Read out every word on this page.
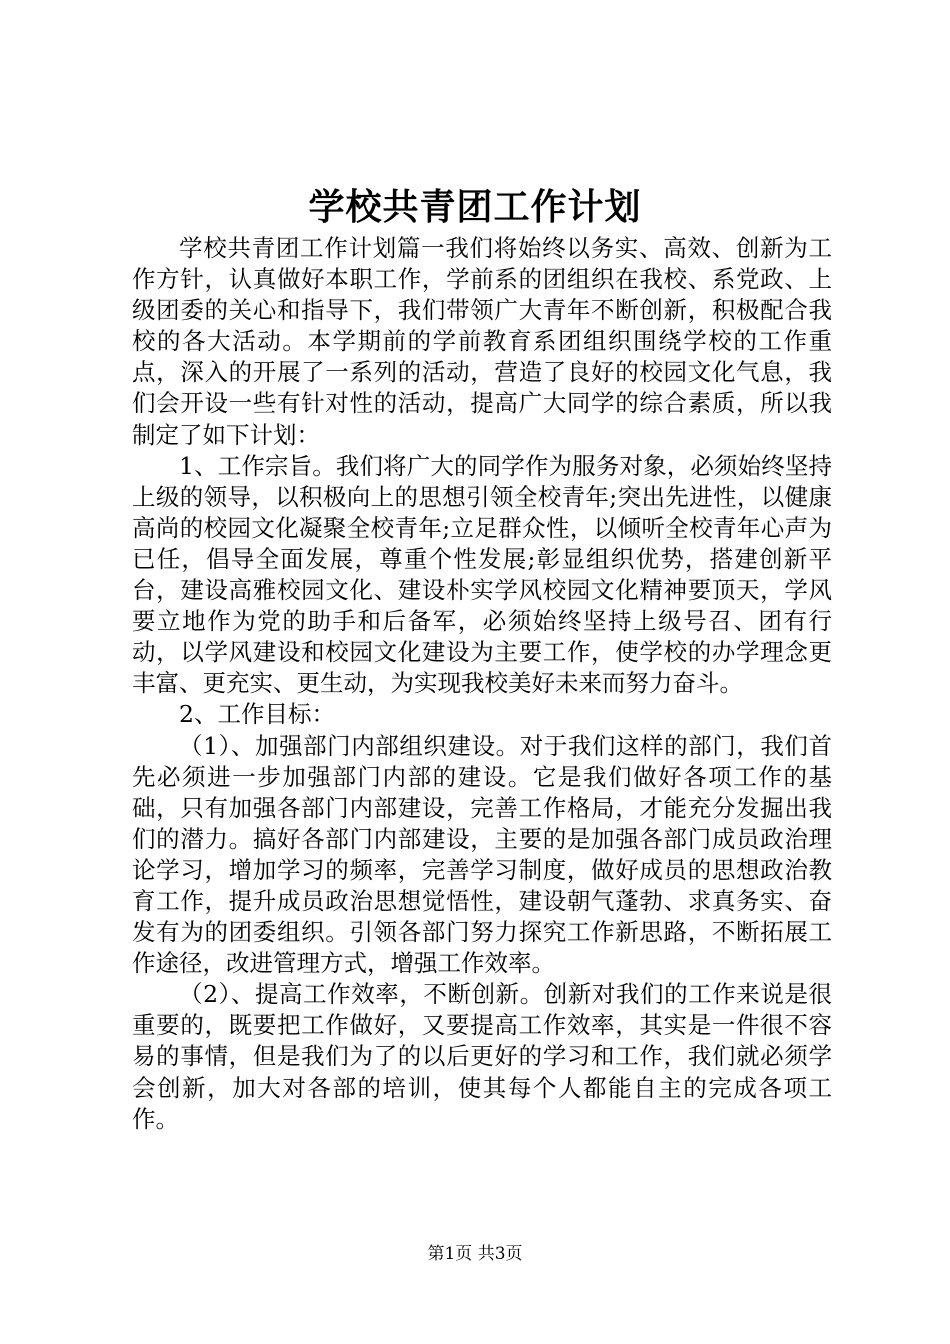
学校共青团工作计划

学校共青团工作计划篇一我们将始终以务实、高效、创新为工作方针，认真做好本职工作，学前系的团组织在我校、系党政、上级团委的关心和指导下，我们带领广大青年不断创新，积极配合我校的各大活动。本学期前的学前教育系团组织围绕学校的工作重点，深入的开展了一系列的活动，营造了良好的校园文化气息，我们会开设一些有针对性的活动，提高广大同学的综合素质，所以我制定了如下计划：

1、工作宗旨。我们将广大的同学作为服务对象，必须始终坚持上级的领导，以积极向上的思想引领全校青年;突出先进性，以健康高尚的校园文化凝聚全校青年;立足群众性，以倾听全校青年心声为已任，倡导全面发展，尊重个性发展;彰显组织优势，搭建创新平台，建设高雅校园文化、建设朴实学风校园文化精神要顶天，学风要立地作为党的助手和后备军，必须始终坚持上级号召、团有行动，以学风建设和校园文化建设为主要工作，使学校的办学理念更丰富、更充实、更生动，为实现我校美好未来而努力奋斗。

2、工作目标：

（1）、加强部门内部组织建设。对于我们这样的部门，我们首先必须进一步加强部门内部的建设。它是我们做好各项工作的基础，只有加强各部门内部建设，完善工作格局，才能充分发掘出我们的潜力。搞好各部门内部建设，主要的是加强各部门成员政治理论学习，增加学习的频率，完善学习制度，做好成员的思想政治教育工作，提升成员政治思想觉悟性，建设朝气蓬勃、求真务实、奋发有为的团委组织。引领各部门努力探究工作新思路，不断拓展工作途径，改进管理方式，增强工作效率。

（2）、提高工作效率，不断创新。创新对我们的工作来说是很重要的，既要把工作做好，又要提高工作效率，其实是一件很不容易的事情，但是我们为了的以后更好的学习和工作，我们就必须学会创新，加大对各部的培训，使其每个人都能自主的完成各项工作。

第1页 共3页
